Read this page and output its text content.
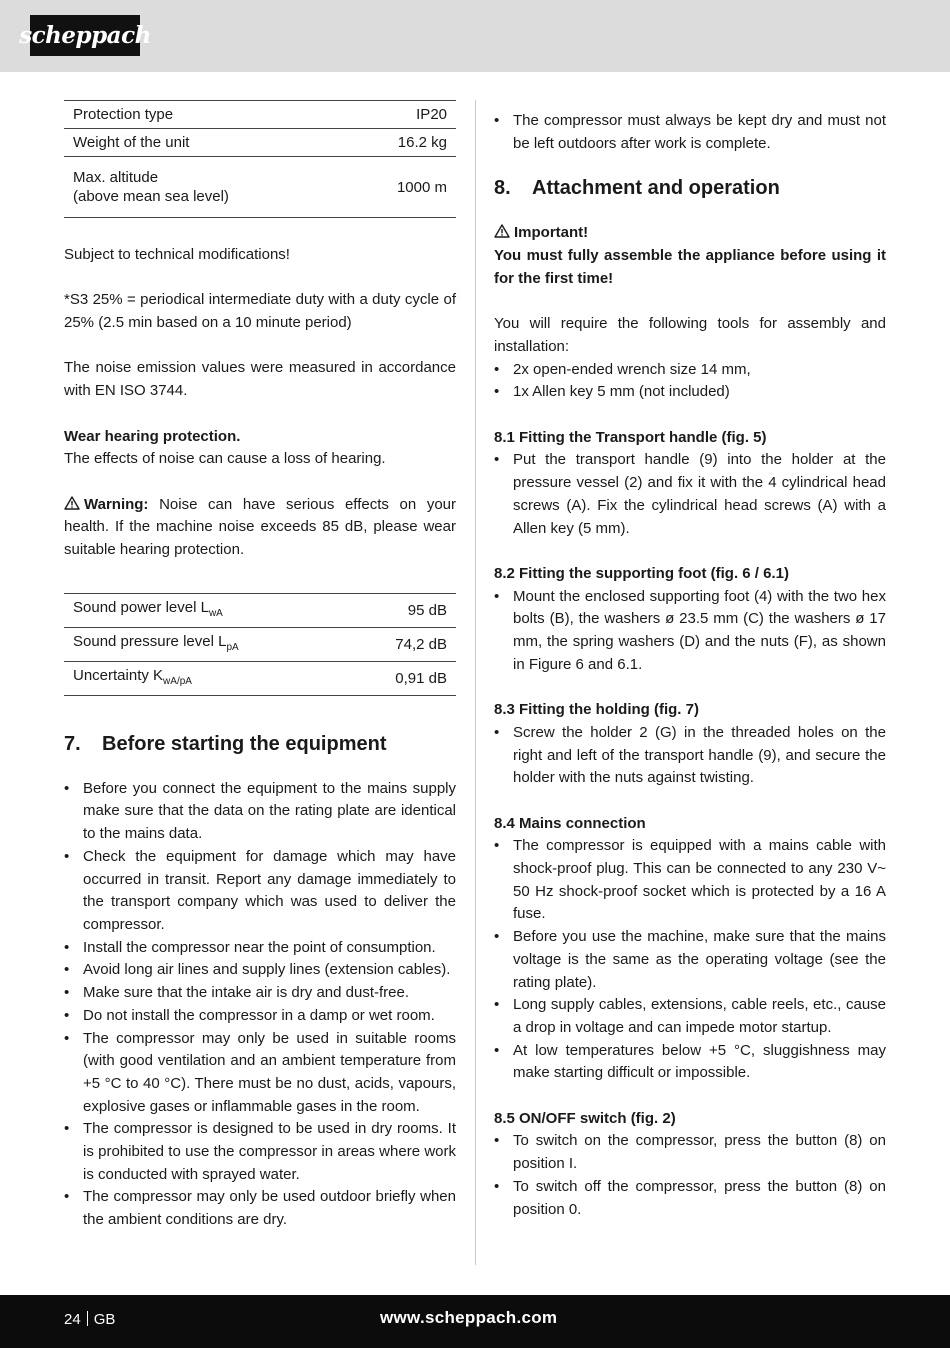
scheppach
Protection type	IP20
Weight of the unit	16.2 kg
Max. altitude
(above mean sea level)	1000 m

Subject to technical modifications!

*S3 25% = periodical intermediate duty with a duty cycle of 25% (2.5 min based on a 10 minute period)

The noise emission values were measured in accordance with EN ISO 3744.

Wear hearing protection.

The effects of noise can cause a loss of hearing.

Warning: Noise can have serious effects on your health. If the machine noise exceeds 85 dB, please wear suitable hearing protection.

Sound power level $L_{wA}$	95 dB
Sound pressure level $L_{pA}$	74,2 dB
Uncertainty $K_{wA/pA}$	0,91 dB
7.	Before starting the equipment
• Before you connect the equipment to the mains supply make sure that the data on the rating plate are identical to the mains data.
• Check the equipment for damage which may have occurred in transit. Report any damage immediately to the transport company which was used to deliver the compressor.
• Install the compressor near the point of consumption.
• Avoid long air lines and supply lines (extension cables).
• Make sure that the intake air is dry and dust-free.
• Do not install the compressor in a damp or wet room.
• The compressor may only be used in suitable rooms (with good ventilation and an ambient temperature from +5 °C to 40 °C). There must be no dust, acids, vapours, explosive gases or inflammable gases in the room.
• The compressor is designed to be used in dry rooms. It is prohibited to use the compressor in areas where work is conducted with sprayed water.
• The compressor may only be used outdoor briefly when the ambient conditions are dry.
• The compressor must always be kept dry and must not be left outdoors after work is complete.
8.	Attachment and operation

Important!

You must fully assemble the appliance before using it for the first time!

You will require the following tools for assembly and installation:

• 2x open-ended wrench size 14 mm,
• 1x Allen key 5 mm (not included)

8.1 Fitting the Transport handle (fig. 5)

• Put the transport handle (9) into the holder at the pressure vessel (2) and fix it with the 4 cylindrical head screws (A). Fix the cylindrical head screws (A) with a Allen key (5 mm).

8.2 Fitting the supporting foot (fig. 6 / 6.1)

• Mount the enclosed supporting foot (4) with the two hex bolts (B), the washers ø 23.5 mm (C) the washers ø 17 mm, the spring washers (D) and the nuts (F), as shown in Figure 6 and 6.1.

8.3 Fitting the holding (fig. 7)

• Screw the holder 2 (G) in the threaded holes on the right and left of the transport handle (9), and secure the holder with the nuts against twisting.

8.4 Mains connection

• The compressor is equipped with a mains cable with shock-proof plug. This can be connected to any 230 V~ 50 Hz shock-proof socket which is protected by a 16 A fuse.
• Before you use the machine, make sure that the mains voltage is the same as the operating voltage (see the rating plate).
• Long supply cables, extensions, cable reels, etc., cause a drop in voltage and can impede motor startup.
• At low temperatures below +5 °C, sluggishness may make starting difficult or impossible.

8.5 ON/OFF switch (fig. 2)

• To switch on the compressor, press the button (8) on position I.
• To switch off the compressor, press the button (8) on position 0.
24 GB	www.scheppach.com
